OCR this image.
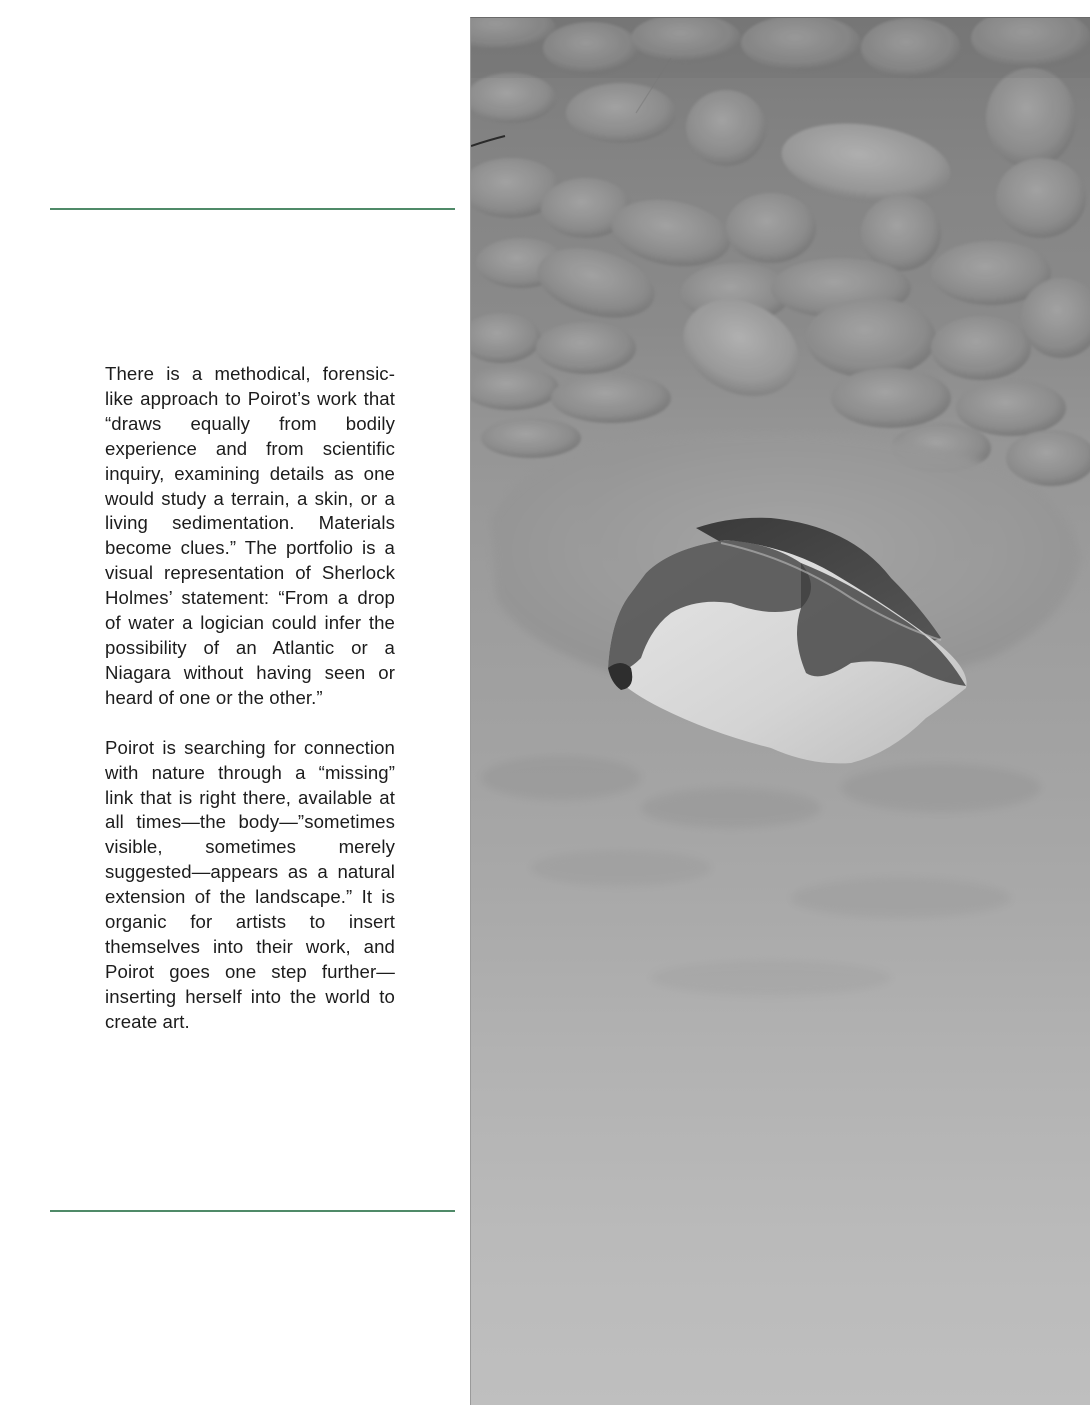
There is a methodical, forensic-like approach to Poirot’s work that “draws equally from bodily experience and from scientific inquiry, examining details as one would study a terrain, a skin, or a living sedimentation. Materials become clues.” The portfolio is a visual representation of Sherlock Holmes’ statement: “From a drop of water a logician could infer the possibility of an Atlantic or a Niagara without having seen or heard of one or the other.”

Poirot is searching for connection with nature through a “missing” link that is right there, available at all times—the body—”sometimes visible, sometimes merely suggested—appears as a natural extension of the landscape.” It is organic for artists to insert themselves into their work, and Poirot goes one step further—inserting herself into the world to create art.
